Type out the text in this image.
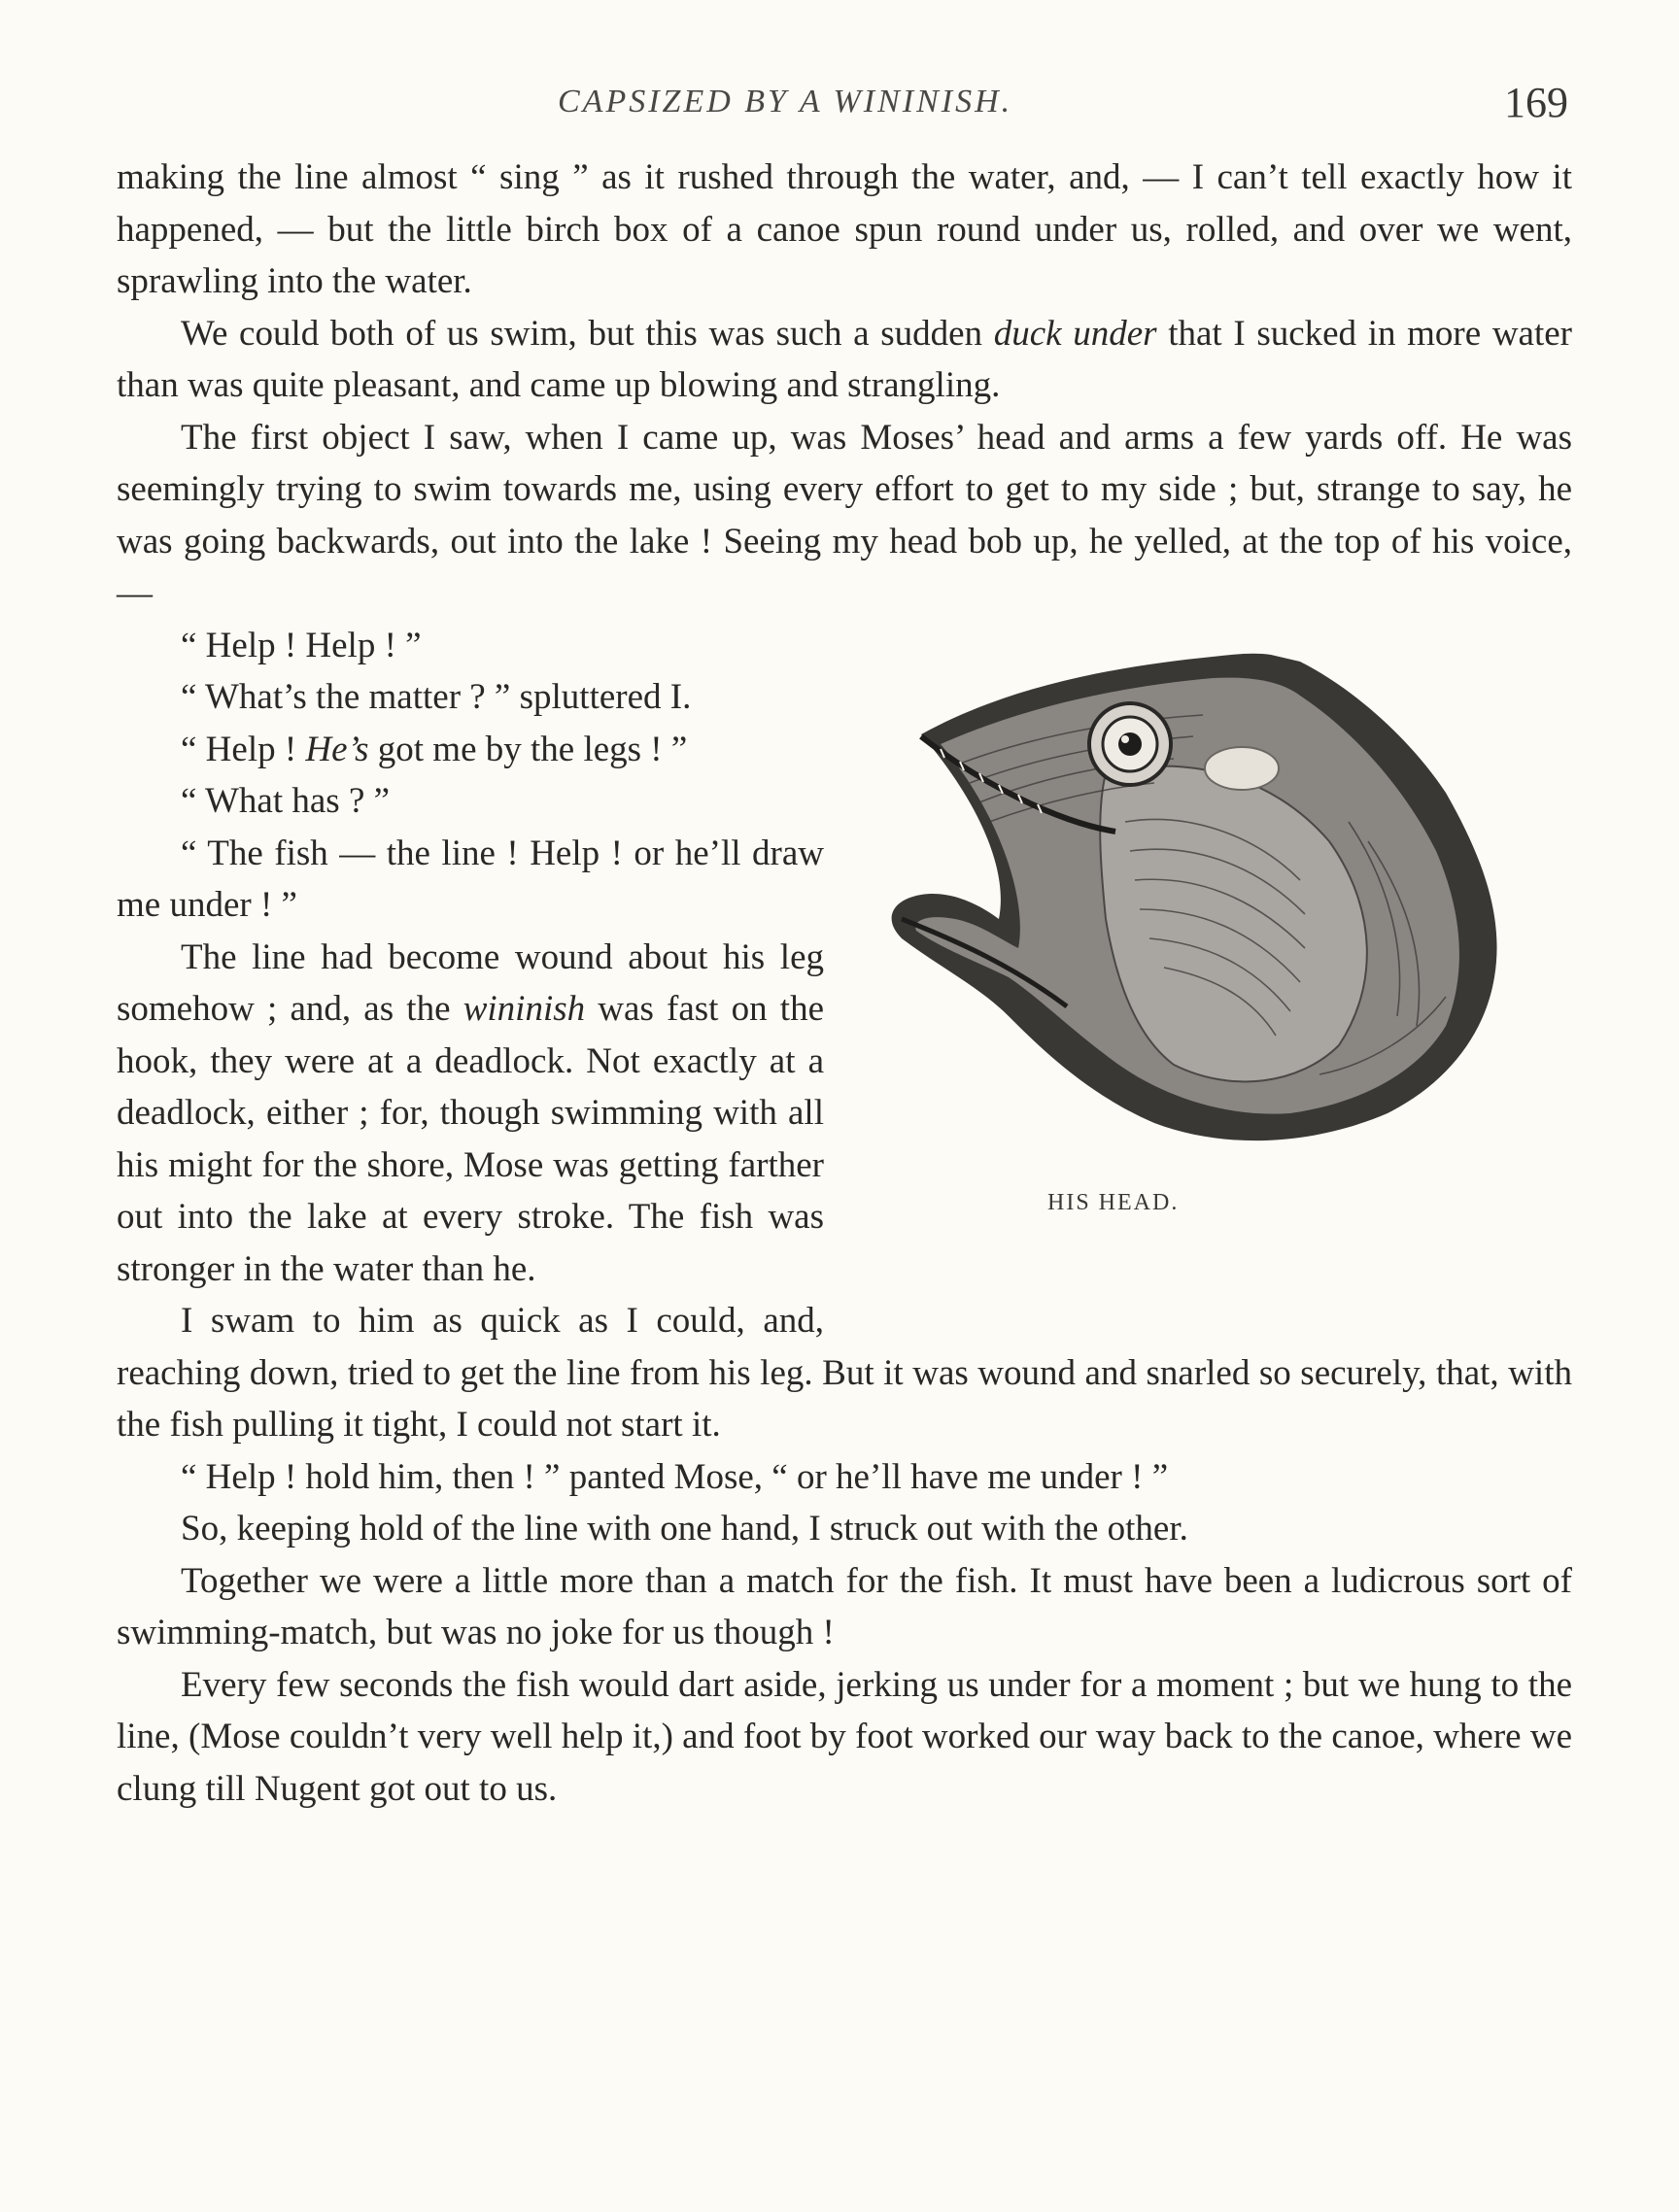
CAPSIZED BY A WININISH.	169

making the line almost “ sing ” as it rushed through the water, and, — I can’t tell exactly how it happened, — but the little birch box of a canoe spun round under us, rolled, and over we went, sprawling into the water.

We could both of us swim, but this was such a sudden duck under that I sucked in more water than was quite pleasant, and came up blowing and strangling.

The first object I saw, when I came up, was Moses’ head and arms a few yards off. He was seemingly trying to swim towards me, using every effort to get to my side ; but, strange to say, he was going backwards, out into the lake ! Seeing my head bob up, he yelled, at the top of his voice, —

HIS HEAD.

“ Help ! Help ! ”

“ What’s the matter ? ” spluttered I.

“ Help ! He’s got me by the legs ! ”

“ What has ? ”

“ The fish — the line ! Help ! or he’ll draw me under ! ”

The line had become wound about his leg somehow ; and, as the wininish was fast on the hook, they were at a deadlock. Not exactly at a deadlock, either ; for, though swimming with all his might for the shore, Mose was getting farther out into the lake at every stroke. The fish was stronger in the water than he.

I swam to him as quick as I could, and, reaching down, tried to get the line from his leg. But it was wound and snarled so securely, that, with the fish pulling it tight, I could not start it.

“ Help ! hold him, then ! ” panted Mose, “ or he’ll have me under ! ”

So, keeping hold of the line with one hand, I struck out with the other.

Together we were a little more than a match for the fish. It must have been a ludicrous sort of swimming-match, but was no joke for us though !

Every few seconds the fish would dart aside, jerking us under for a moment ; but we hung to the line, (Mose couldn’t very well help it,) and foot by foot worked our way back to the canoe, where we clung till Nugent got out to us.
